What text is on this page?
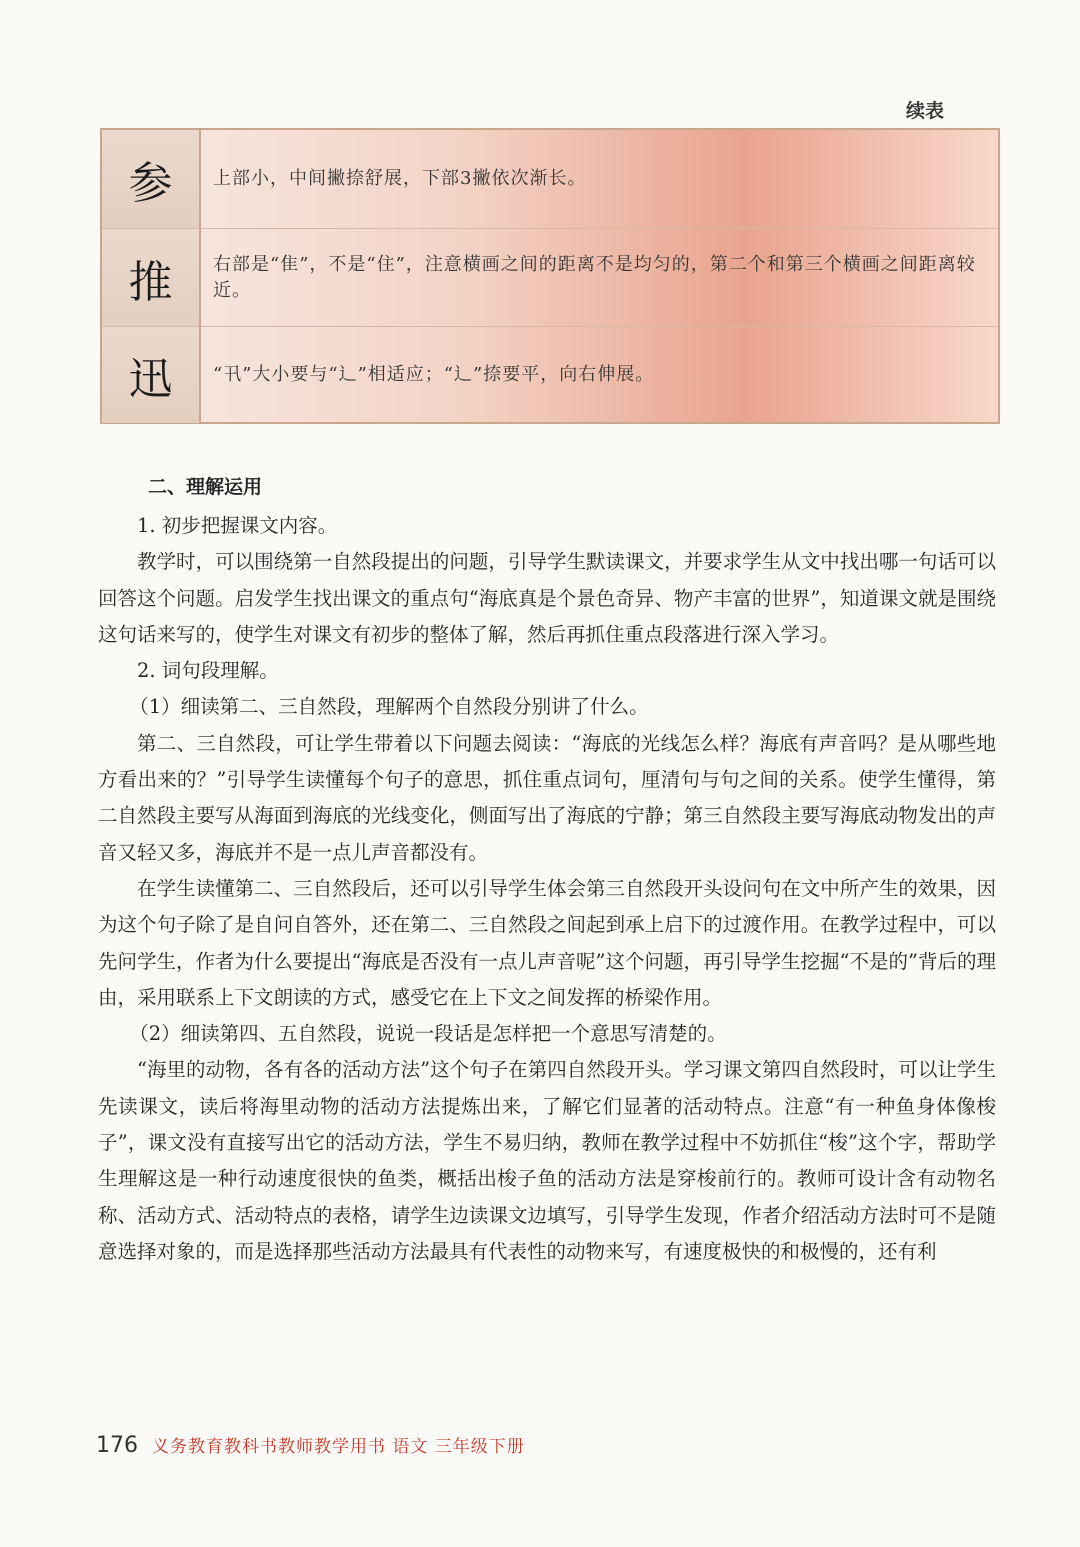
续表
参	上部小，中间撇捺舒展，下部3撇依次渐长。
推	右部是“隹”，不是“住”，注意横画之间的距离不是均匀的，第二个和第三个横画之间距离较近。
迅	“卂”大小要与“辶”相适应；“辶”捺要平，向右伸展。
二、理解运用

1. 初步把握课文内容。

教学时，可以围绕第一自然段提出的问题，引导学生默读课文，并要求学生从文中找出哪一句话可以回答这个问题。启发学生找出课文的重点句“海底真是个景色奇异、物产丰富的世界”，知道课文就是围绕这句话来写的，使学生对课文有初步的整体了解，然后再抓住重点段落进行深入学习。

2. 词句段理解。

（1）细读第二、三自然段，理解两个自然段分别讲了什么。

第二、三自然段，可让学生带着以下问题去阅读：“海底的光线怎么样？海底有声音吗？是从哪些地方看出来的？”引导学生读懂每个句子的意思，抓住重点词句，厘清句与句之间的关系。使学生懂得，第二自然段主要写从海面到海底的光线变化，侧面写出了海底的宁静；第三自然段主要写海底动物发出的声音又轻又多，海底并不是一点儿声音都没有。

在学生读懂第二、三自然段后，还可以引导学生体会第三自然段开头设问句在文中所产生的效果，因为这个句子除了是自问自答外，还在第二、三自然段之间起到承上启下的过渡作用。在教学过程中，可以先问学生，作者为什么要提出“海底是否没有一点儿声音呢”这个问题，再引导学生挖掘“不是的”背后的理由，采用联系上下文朗读的方式，感受它在上下文之间发挥的桥梁作用。

（2）细读第四、五自然段，说说一段话是怎样把一个意思写清楚的。

“海里的动物，各有各的活动方法”这个句子在第四自然段开头。学习课文第四自然段时，可以让学生先读课文，读后将海里动物的活动方法提炼出来，了解它们显著的活动特点。注意“有一种鱼身体像梭子”，课文没有直接写出它的活动方法，学生不易归纳，教师在教学过程中不妨抓住“梭”这个字，帮助学生理解这是一种行动速度很快的鱼类，概括出梭子鱼的活动方法是穿梭前行的。教师可设计含有动物名称、活动方式、活动特点的表格，请学生边读课文边填写，引导学生发现，作者介绍活动方法时可不是随意选择对象的，而是选择那些活动方法最具有代表性的动物来写，有速度极快的和极慢的，还有利

176 义务教育教科书教师教学用书 语文 三年级下册
